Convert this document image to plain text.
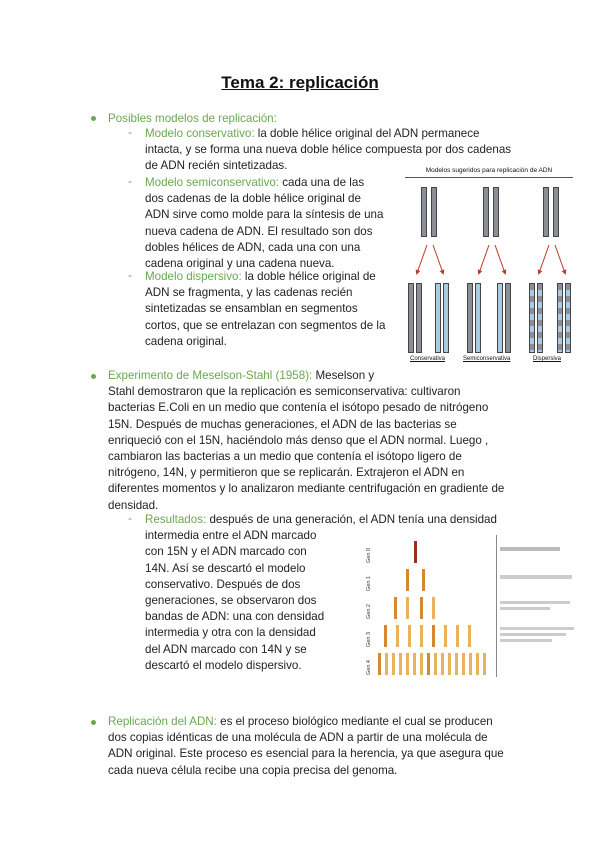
Tema 2: replicación
Posibles modelos de replicación:
- Modelo conservativo: la doble hélice original del ADN permanece
intacta, y se forma una nueva doble hélice compuesta por dos cadenas
de ADN recién sintetizadas.
- Modelo semiconservativo: cada una de las
dos cadenas de la doble hélice original de
ADN sirve como molde para la síntesis de una
nueva cadena de ADN. El resultado son dos
dobles hélices de ADN, cada una con una
cadena original y una cadena nueva.
- Modelo dispersivo: la doble hélice original de
ADN se fragmenta, y las cadenas recién
sintetizadas se ensamblan en segmentos
cortos, que se entrelazan con segmentos de la
cadena original.
Modelos sugeridos para replicación de ADN
Conservativa	Semiconservativa	Dispersiva
Experimento de Meselson-Stahl (1958): Meselson y
Stahl demostraron que la replicación es semiconservativa: cultivaron
bacterias E.Coli en un medio que contenía el isótopo pesado de nitrógeno
15N. Después de muchas generaciones, el ADN de las bacterias se
enriqueció con el 15N, haciéndolo más denso que el ADN normal. Luego ,
cambiaron las bacterias a un medio que contenía el isótopo ligero de
nitrógeno, 14N, y permitieron que se replicarán. Extrajeron el ADN en
diferentes momentos y lo analizaron mediante centrifugación en gradiente de
densidad.
- Resultados: después de una generación, el ADN tenía una densidad
intermedia entre el ADN marcado
con 15N y el ADN marcado con
14N. Así se descartó el modelo
conservativo. Después de dos
generaciones, se observaron dos
bandas de ADN: una con densidad
intermedia y otra con la densidad
del ADN marcado con 14N y se
descartó el modelo dispersivo.
Gen 0
Gen 1
Gen 2
Gen 3
Gen 4
Replicación del ADN: es el proceso biológico mediante el cual se producen
dos copias idénticas de una molécula de ADN a partir de una molécula de
ADN original. Este proceso es esencial para la herencia, ya que asegura que
cada nueva célula recibe una copia precisa del genoma.
